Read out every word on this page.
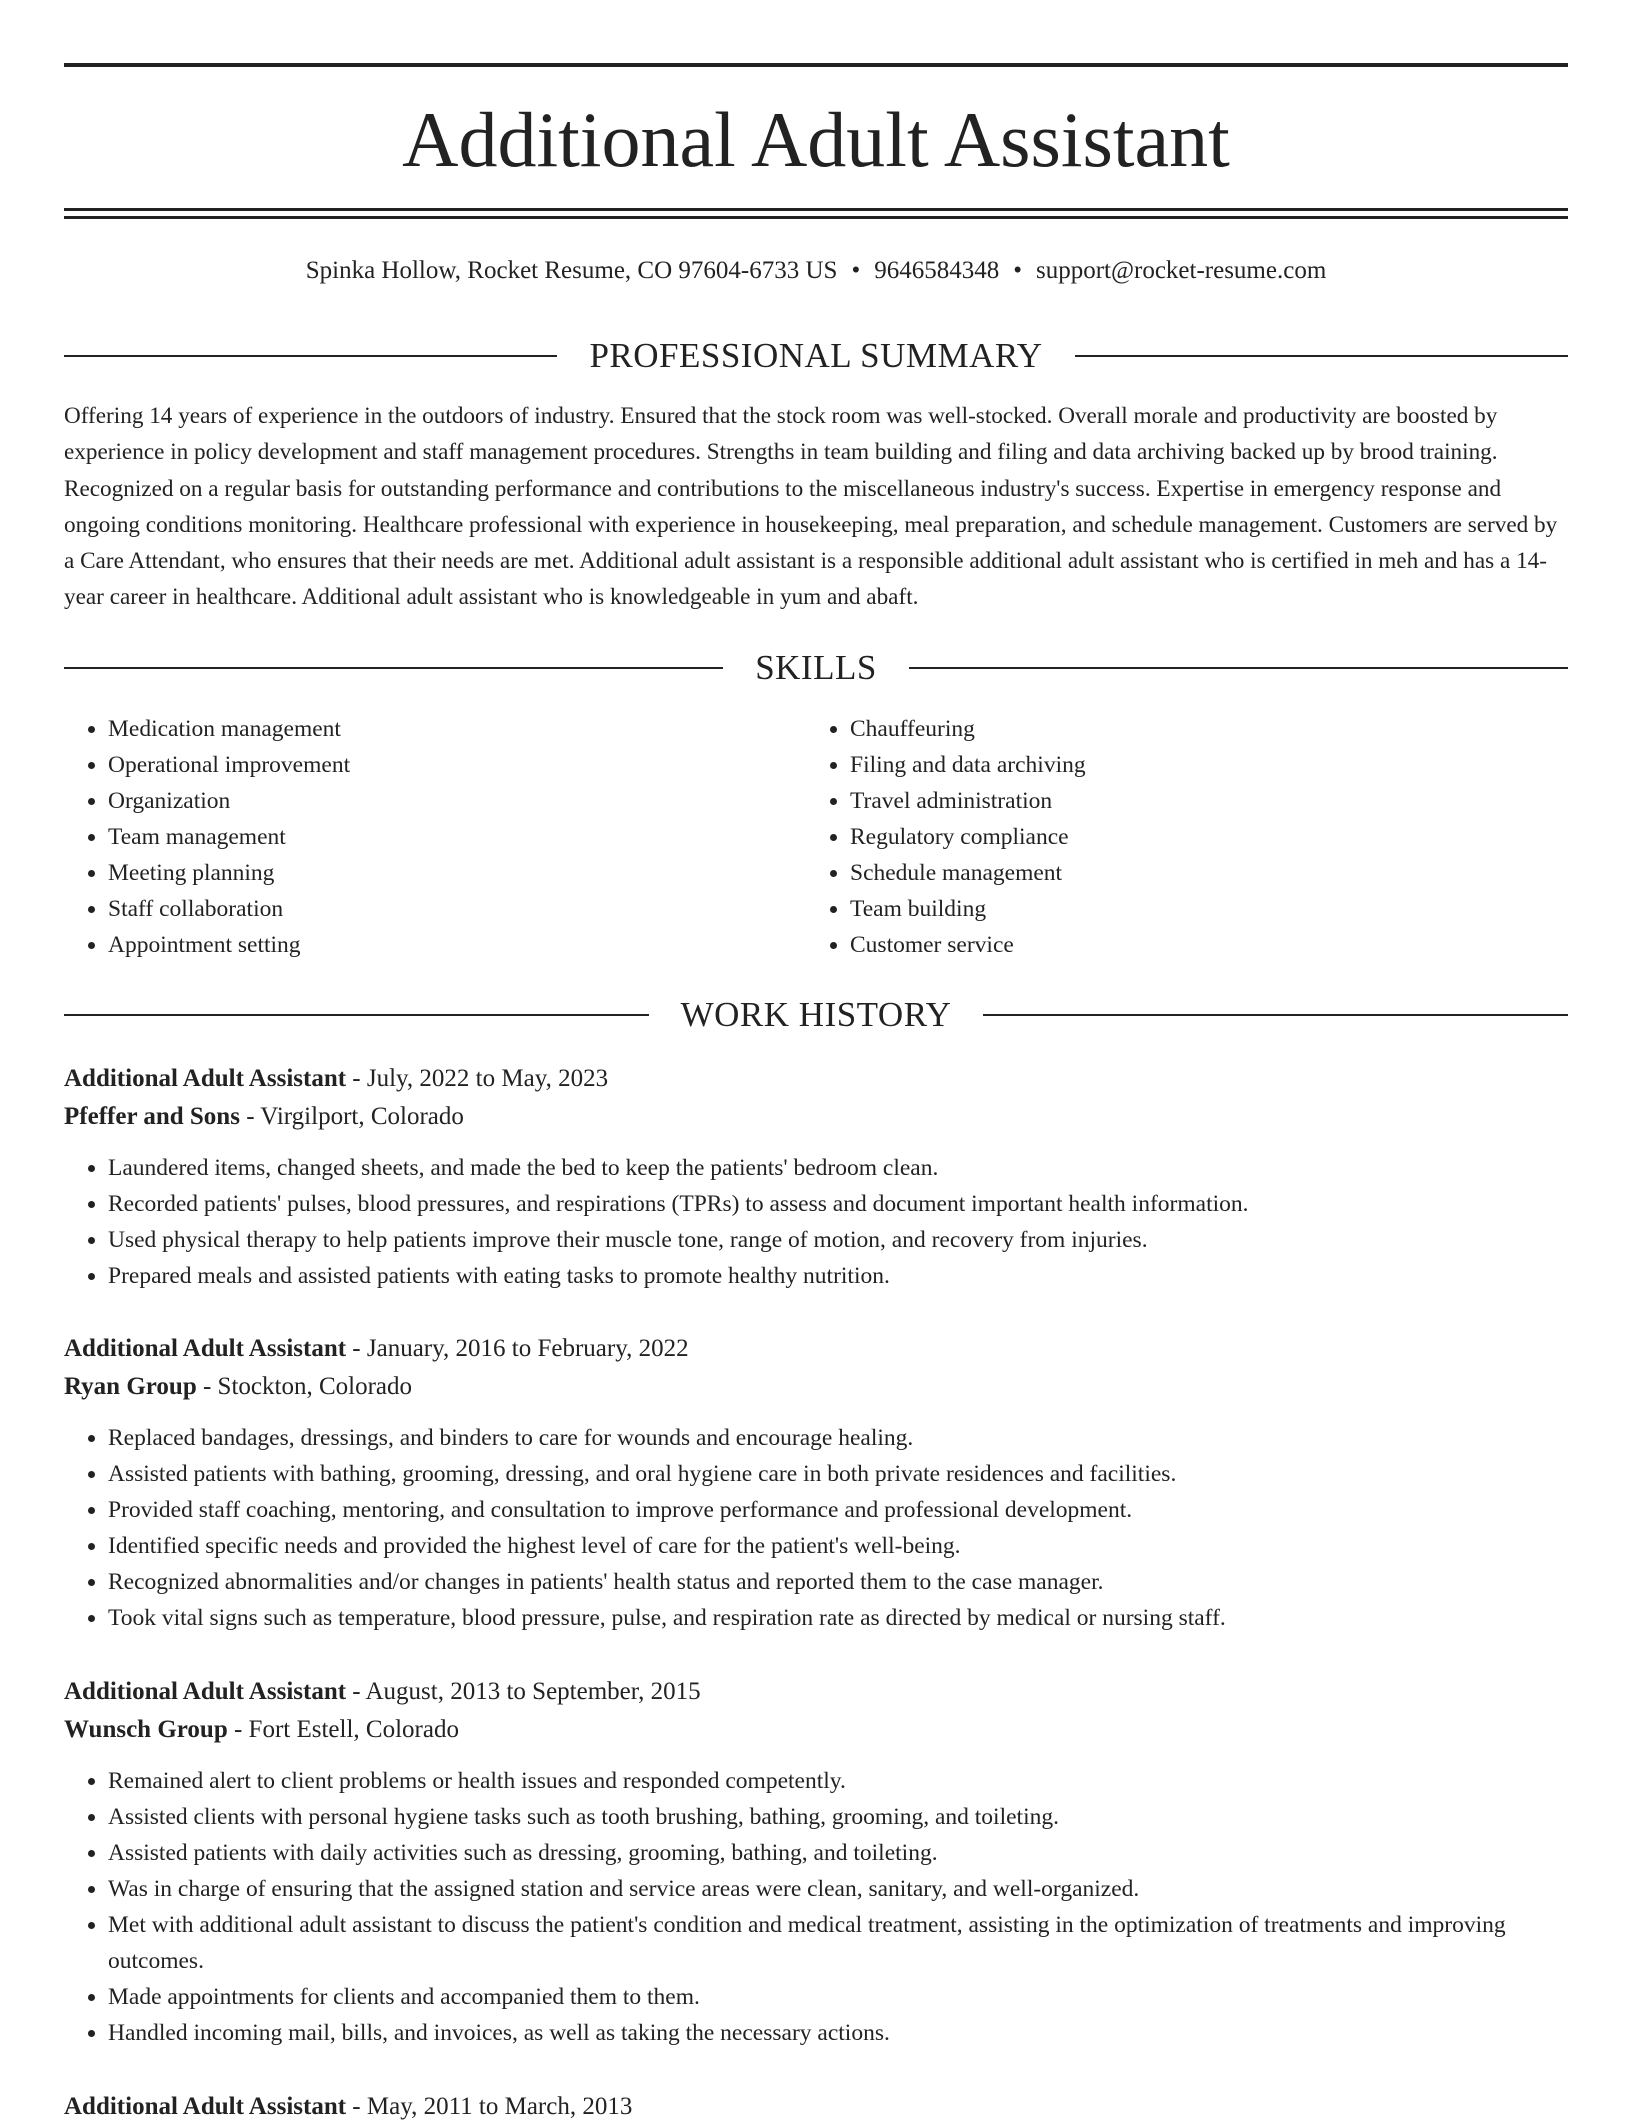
Additional Adult Assistant
Spinka Hollow, Rocket Resume, CO 97604-6733 US • 9646584348 • support@rocket-resume.com
PROFESSIONAL SUMMARY

Offering 14 years of experience in the outdoors of industry. Ensured that the stock room was well-stocked. Overall morale and productivity are boosted by experience in policy development and staff management procedures. Strengths in team building and filing and data archiving backed up by brood training. Recognized on a regular basis for outstanding performance and contributions to the miscellaneous industry's success. Expertise in emergency response and ongoing conditions monitoring. Healthcare professional with experience in housekeeping, meal preparation, and schedule management. Customers are served by a Care Attendant, who ensures that their needs are met. Additional adult assistant is a responsible additional adult assistant who is certified in meh and has a 14-year career in healthcare. Additional adult assistant who is knowledgeable in yum and abaft.

SKILLS
• Medication management
• Operational improvement
• Organization
• Team management
• Meeting planning
• Staff collaboration
• Appointment setting
• Chauffeuring
• Filing and data archiving
• Travel administration
• Regulatory compliance
• Schedule management
• Team building
• Customer service
WORK HISTORY

Additional Adult Assistant - July, 2022 to May, 2023

Pfeffer and Sons - Virgilport, Colorado

• Laundered items, changed sheets, and made the bed to keep the patients' bedroom clean.
• Recorded patients' pulses, blood pressures, and respirations (TPRs) to assess and document important health information.
• Used physical therapy to help patients improve their muscle tone, range of motion, and recovery from injuries.
• Prepared meals and assisted patients with eating tasks to promote healthy nutrition.

Additional Adult Assistant - January, 2016 to February, 2022

Ryan Group - Stockton, Colorado

• Replaced bandages, dressings, and binders to care for wounds and encourage healing.
• Assisted patients with bathing, grooming, dressing, and oral hygiene care in both private residences and facilities.
• Provided staff coaching, mentoring, and consultation to improve performance and professional development.
• Identified specific needs and provided the highest level of care for the patient's well-being.
• Recognized abnormalities and/or changes in patients' health status and reported them to the case manager.
• Took vital signs such as temperature, blood pressure, pulse, and respiration rate as directed by medical or nursing staff.

Additional Adult Assistant - August, 2013 to September, 2015

Wunsch Group - Fort Estell, Colorado

• Remained alert to client problems or health issues and responded competently.
• Assisted clients with personal hygiene tasks such as tooth brushing, bathing, grooming, and toileting.
• Assisted patients with daily activities such as dressing, grooming, bathing, and toileting.
• Was in charge of ensuring that the assigned station and service areas were clean, sanitary, and well-organized.
• Met with additional adult assistant to discuss the patient's condition and medical treatment, assisting in the optimization of treatments and improving outcomes.
• Made appointments for clients and accompanied them to them.
• Handled incoming mail, bills, and invoices, as well as taking the necessary actions.

Additional Adult Assistant - May, 2011 to March, 2013
